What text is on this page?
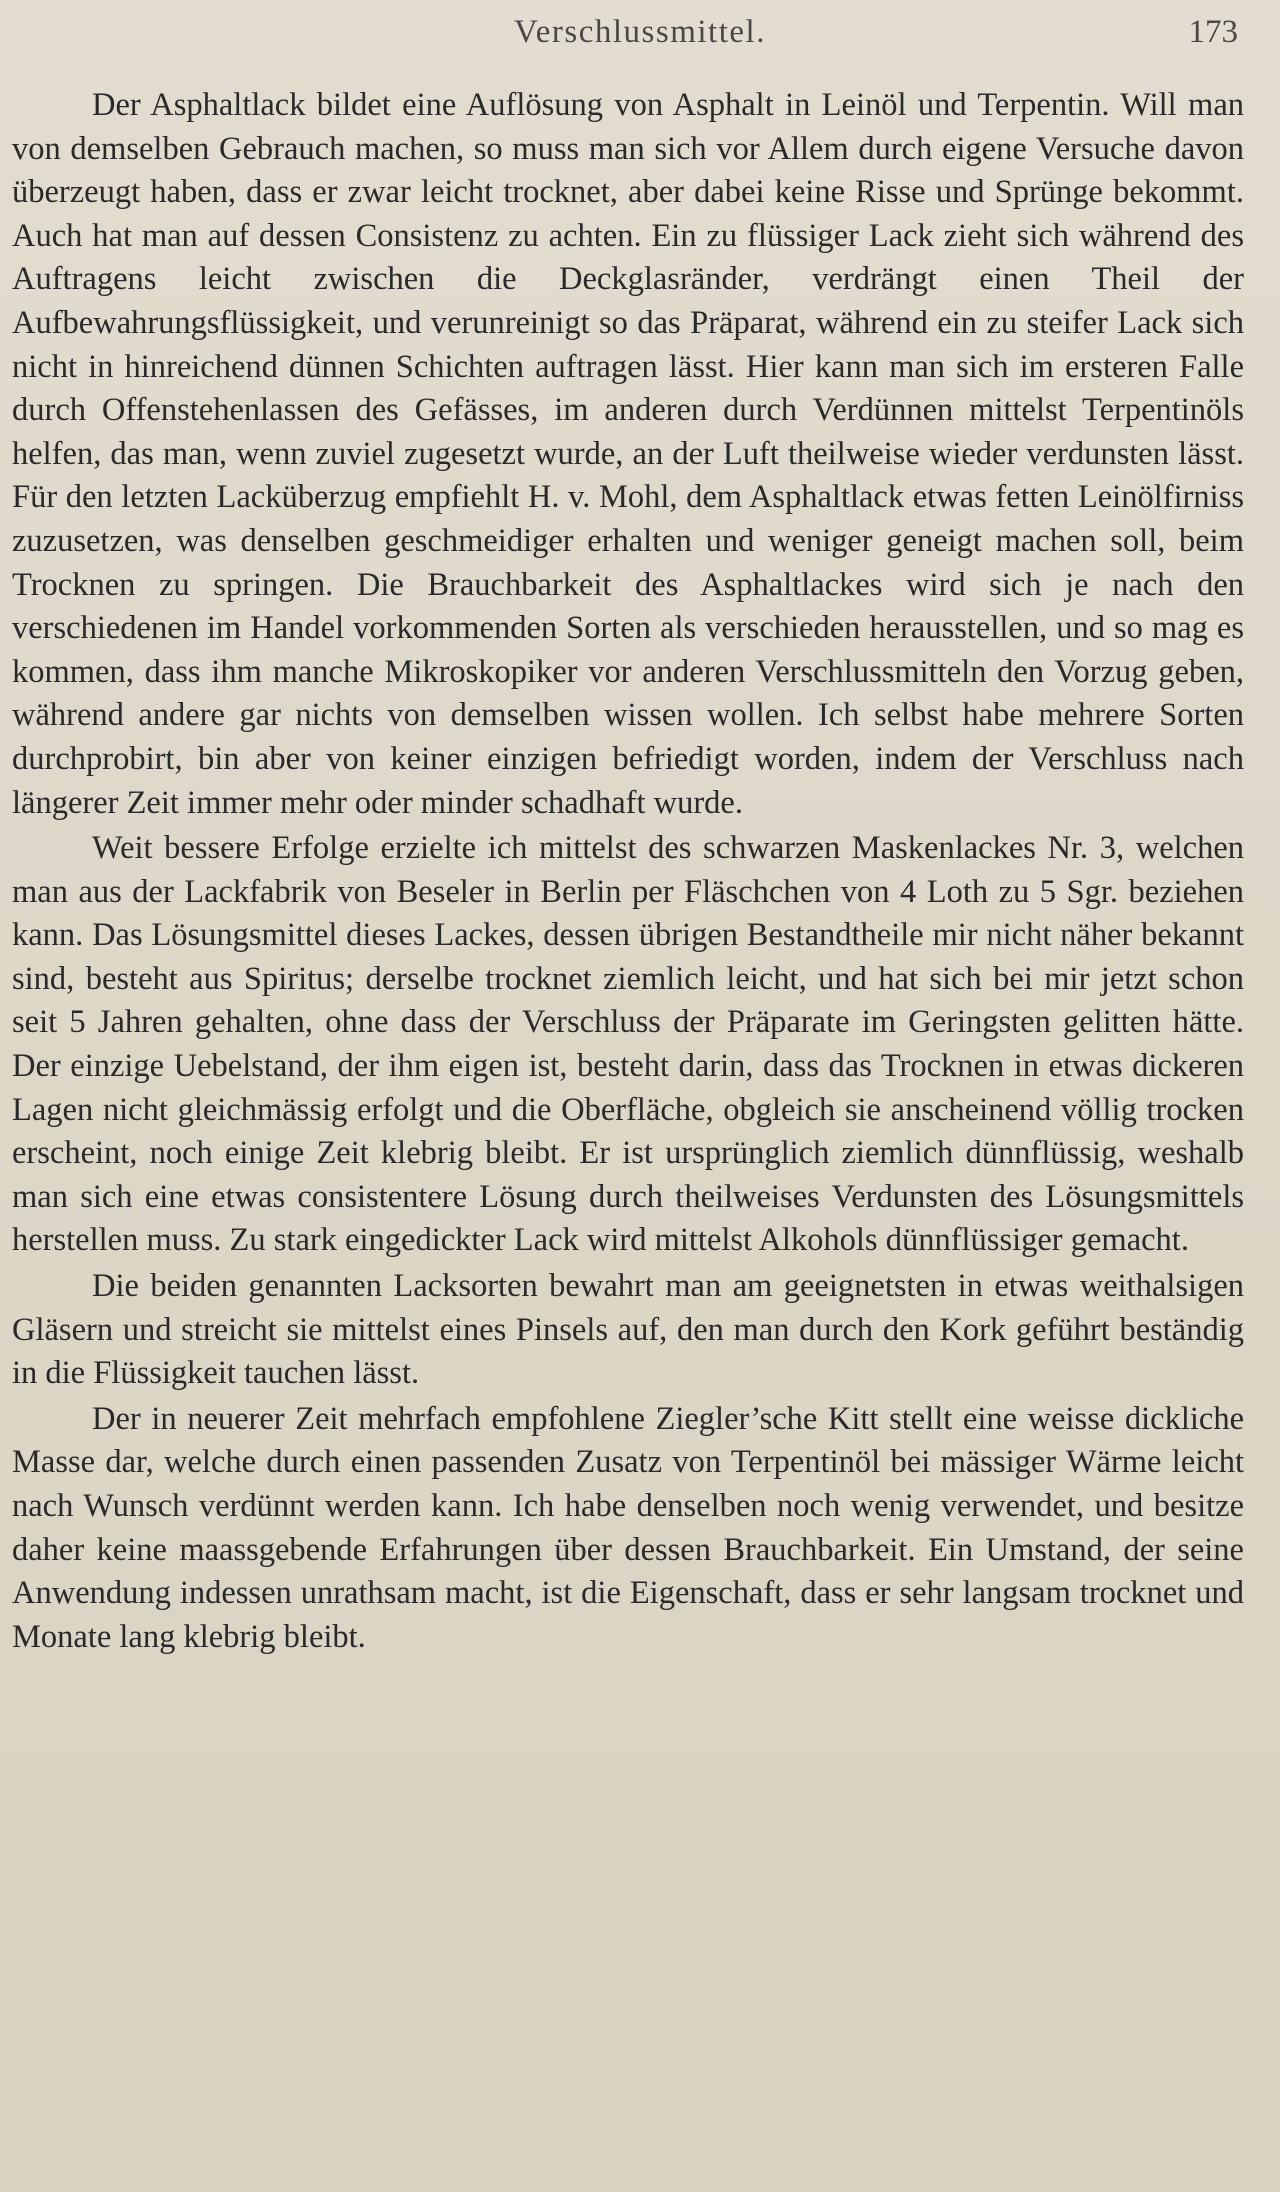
Verschlussmittel.	173

Der Asphaltlack bildet eine Auflösung von Asphalt in Leinöl und Terpentin. Will man von demselben Gebrauch machen, so muss man sich vor Allem durch eigene Versuche davon überzeugt haben, dass er zwar leicht trocknet, aber dabei keine Risse und Sprünge bekommt. Auch hat man auf dessen Consistenz zu achten. Ein zu flüssiger Lack zieht sich während des Auftragens leicht zwischen die Deckglasränder, verdrängt einen Theil der Aufbewahrungsflüssigkeit, und verunreinigt so das Präparat, während ein zu steifer Lack sich nicht in hinreichend dünnen Schichten auftragen lässt. Hier kann man sich im ersteren Falle durch Offenstehenlassen des Gefässes, im anderen durch Verdünnen mittelst Terpentinöls helfen, das man, wenn zuviel zugesetzt wurde, an der Luft theilweise wieder verdunsten lässt. Für den letzten Lacküberzug empfiehlt H. v. Mohl, dem Asphaltlack etwas fetten Leinölfirniss zuzusetzen, was denselben geschmeidiger erhalten und weniger geneigt machen soll, beim Trocknen zu springen. Die Brauchbarkeit des Asphaltlackes wird sich je nach den verschiedenen im Handel vorkommenden Sorten als verschieden herausstellen, und so mag es kommen, dass ihm manche Mikroskopiker vor anderen Verschlussmitteln den Vorzug geben, während andere gar nichts von demselben wissen wollen. Ich selbst habe mehrere Sorten durchprobirt, bin aber von keiner einzigen befriedigt worden, indem der Verschluss nach längerer Zeit immer mehr oder minder schadhaft wurde.

Weit bessere Erfolge erzielte ich mittelst des schwarzen Maskenlackes Nr. 3, welchen man aus der Lackfabrik von Beseler in Berlin per Fläschchen von 4 Loth zu 5 Sgr. beziehen kann. Das Lösungsmittel dieses Lackes, dessen übrigen Bestandtheile mir nicht näher bekannt sind, besteht aus Spiritus; derselbe trocknet ziemlich leicht, und hat sich bei mir jetzt schon seit 5 Jahren gehalten, ohne dass der Verschluss der Präparate im Geringsten gelitten hätte. Der einzige Uebelstand, der ihm eigen ist, besteht darin, dass das Trocknen in etwas dickeren Lagen nicht gleichmässig erfolgt und die Oberfläche, obgleich sie anscheinend völlig trocken erscheint, noch einige Zeit klebrig bleibt. Er ist ursprünglich ziemlich dünnflüssig, weshalb man sich eine etwas consistentere Lösung durch theilweises Verdunsten des Lösungsmittels herstellen muss. Zu stark eingedickter Lack wird mittelst Alkohols dünnflüssiger gemacht.

Die beiden genannten Lacksorten bewahrt man am geeignetsten in etwas weithalsigen Gläsern und streicht sie mittelst eines Pinsels auf, den man durch den Kork geführt beständig in die Flüssigkeit tauchen lässt.

Der in neuerer Zeit mehrfach empfohlene Ziegler’sche Kitt stellt eine weisse dickliche Masse dar, welche durch einen passenden Zusatz von Terpentinöl bei mässiger Wärme leicht nach Wunsch verdünnt werden kann. Ich habe denselben noch wenig verwendet, und besitze daher keine maassgebende Erfahrungen über dessen Brauchbarkeit. Ein Umstand, der seine Anwendung indessen unrathsam macht, ist die Eigenschaft, dass er sehr langsam trocknet und Monate lang klebrig bleibt.
